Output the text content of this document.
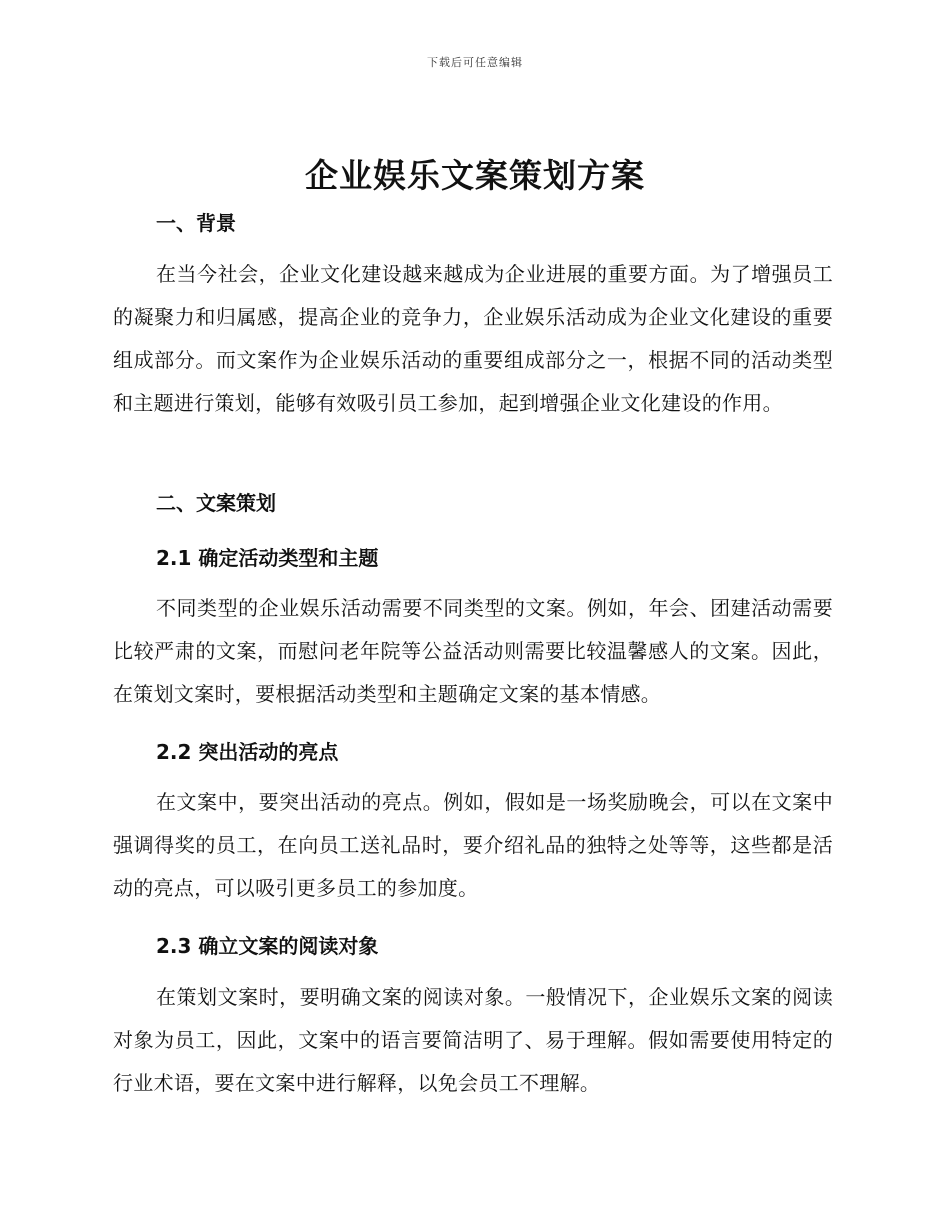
下载后可任意编辑
企业娱乐文案策划方案
一、背景
在当今社会，企业文化建设越来越成为企业进展的重要方面。为了增强员工的凝聚力和归属感，提高企业的竞争力，企业娱乐活动成为企业文化建设的重要组成部分。而文案作为企业娱乐活动的重要组成部分之一，根据不同的活动类型和主题进行策划，能够有效吸引员工参加，起到增强企业文化建设的作用。
二、文案策划
2.1 确定活动类型和主题
不同类型的企业娱乐活动需要不同类型的文案。例如，年会、团建活动需要比较严肃的文案，而慰问老年院等公益活动则需要比较温馨感人的文案。因此，在策划文案时，要根据活动类型和主题确定文案的基本情感。
2.2 突出活动的亮点
在文案中，要突出活动的亮点。例如，假如是一场奖励晚会，可以在文案中强调得奖的员工，在向员工送礼品时，要介绍礼品的独特之处等等，这些都是活动的亮点，可以吸引更多员工的参加度。
2.3 确立文案的阅读对象
在策划文案时，要明确文案的阅读对象。一般情况下，企业娱乐文案的阅读对象为员工，因此，文案中的语言要简洁明了、易于理解。假如需要使用特定的行业术语，要在文案中进行解释，以免会员工不理解。
